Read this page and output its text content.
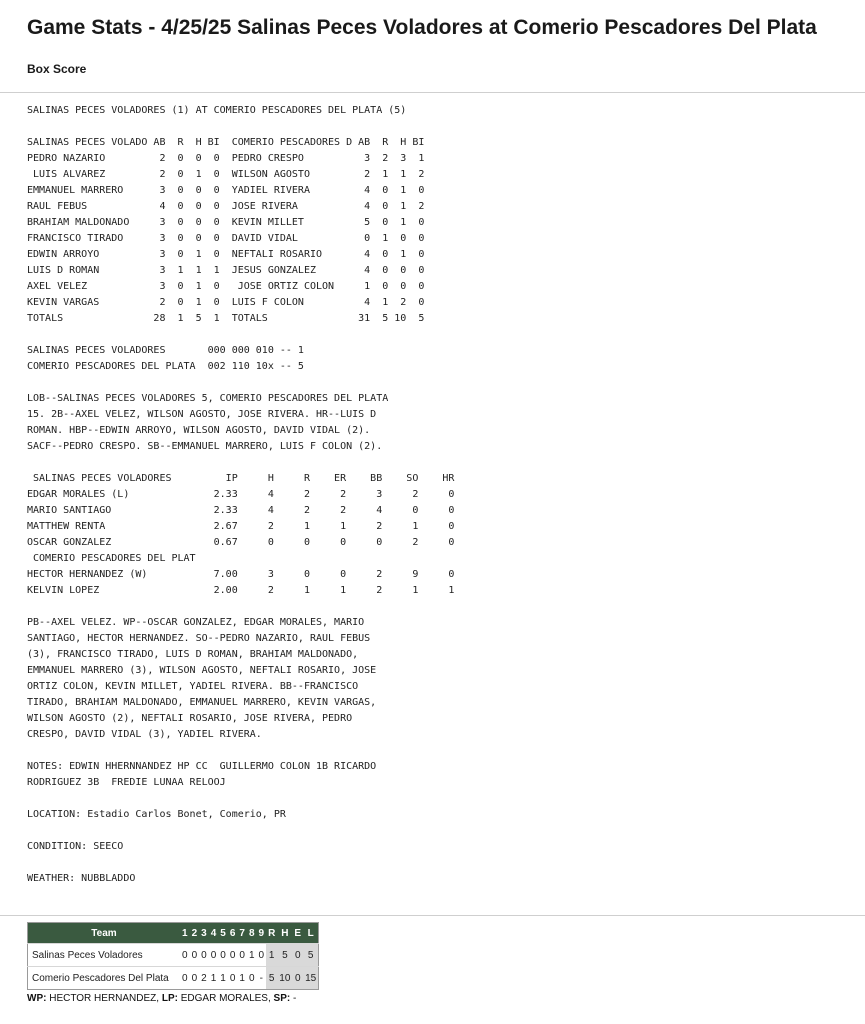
Game Stats - 4/25/25 Salinas Peces Voladores at Comerio Pescadores Del Plata
Box Score
SALINAS PECES VOLADORES (1) AT COMERIO PESCADORES DEL PLATA (5)

SALINAS PECES VOLADO AB  R  H BI  COMERIO PESCADORES D AB  R  H BI
PEDRO NAZARIO         2  0  0  0  PEDRO CRESPO          3  2  3  1
LUIS ALVAREZ         2  0  1  0  WILSON AGOSTO         2  1  1  2
EMMANUEL MARRERO      3  0  0  0  YADIEL RIVERA         4  0  1  0
RAUL FEBUS            4  0  0  0  JOSE RIVERA           4  0  1  2
BRAHIAM MALDONADO     3  0  0  0  KEVIN MILLET          5  0  1  0
FRANCISCO TIRADO      3  0  0  0  DAVID VIDAL           0  1  0  0
EDWIN ARROYO          3  0  1  0  NEFTALI ROSARIO       4  0  1  0
LUIS D ROMAN          3  1  1  1  JESUS GONZALEZ        4  0  0  0
AXEL VELEZ            3  0  1  0   JOSE ORTIZ COLON     1  0  0  0
KEVIN VARGAS          2  0  1  0  LUIS F COLON          4  1  2  0
TOTALS               28  1  5  1  TOTALS               31  5 10  5

SALINAS PECES VOLADORES       000 000 010 -- 1
COMERIO PESCADORES DEL PLATA  002 110 10x -- 5

LOB--SALINAS PECES VOLADORES 5, COMERIO PESCADORES DEL PLATA
15. 2B--AXEL VELEZ, WILSON AGOSTO, JOSE RIVERA. HR--LUIS D
ROMAN. HBP--EDWIN ARROYO, WILSON AGOSTO, DAVID VIDAL (2).
SACF--PEDRO CRESPO. SB--EMMANUEL MARRERO, LUIS F COLON (2).

SALINAS PECES VOLADORES         IP     H     R    ER    BB    SO    HR
EDGAR MORALES (L)              2.33     4     2     2     3     2     0
MARIO SANTIAGO                 2.33     4     2     2     4     0     0
MATTHEW RENTA                  2.67     2     1     1     2     1     0
OSCAR GONZALEZ                 0.67     0     0     0     0     2     0
COMERIO PESCADORES DEL PLAT
HECTOR HERNANDEZ (W)           7.00     3     0     0     2     9     0
KELVIN LOPEZ                   2.00     2     1     1     2     1     1

PB--AXEL VELEZ. WP--OSCAR GONZALEZ, EDGAR MORALES, MARIO
SANTIAGO, HECTOR HERNANDEZ. SO--PEDRO NAZARIO, RAUL FEBUS
(3), FRANCISCO TIRADO, LUIS D ROMAN, BRAHIAM MALDONADO,
EMMANUEL MARRERO (3), WILSON AGOSTO, NEFTALI ROSARIO, JOSE
ORTIZ COLON, KEVIN MILLET, YADIEL RIVERA. BB--FRANCISCO
TIRADO, BRAHIAM MALDONADO, EMMANUEL MARRERO, KEVIN VARGAS,
WILSON AGOSTO (2), NEFTALI ROSARIO, JOSE RIVERA, PEDRO
CRESPO, DAVID VIDAL (3), YADIEL RIVERA.

NOTES: EDWIN HHERNNANDEZ HP CC  GUILLERMO COLON 1B RICARDO
RODRIGUEZ 3B  FREDIE LUNAA RELOOJ

LOCATION: Estadio Carlos Bonet, Comerio, PR

CONDITION: SEECO

WEATHER: NUBBLADDO
Team	1	2	3	4	5	6	7	8	9	R	H	E	L
Salinas Peces Voladores	0	0	0	0	0	0	0	1	0	1	5	0	5
Comerio Pescadores Del Plata	0	0	2	1	1	0	1	0	-	5	10	0	15
WP: HECTOR HERNANDEZ, LP: EDGAR MORALES, SP: -
